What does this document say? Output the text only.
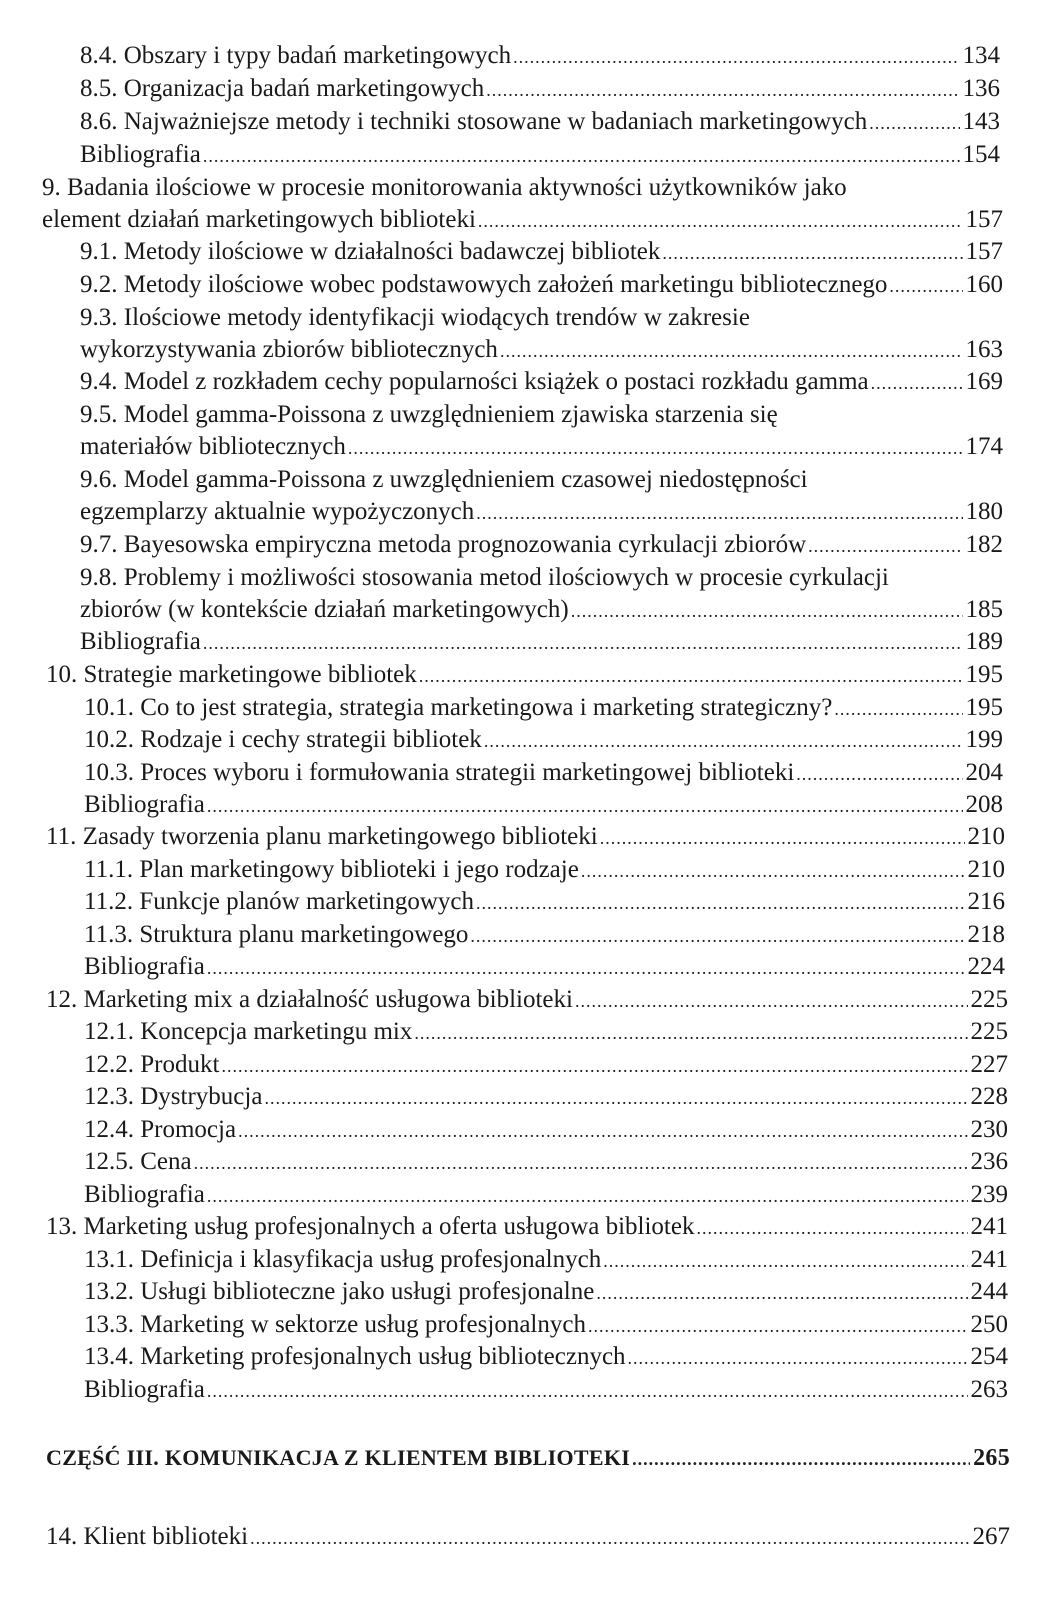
8.4. Obszary i typy badań marketingowych .....	134
8.5. Organizacja badań marketingowych .....	136
8.6. Najważniejsze metody i techniki stosowane w badaniach marketingowych .....	143
Bibliografia .....	154
9. Badania ilościowe w procesie monitorowania aktywności użytkowników jako
element działań marketingowych biblioteki .....	157
9.1. Metody ilościowe w działalności badawczej bibliotek .....	157
9.2. Metody ilościowe wobec podstawowych założeń marketingu bibliotecznego .....	160
9.3. Ilościowe metody identyfikacji wiodących trendów w zakresie
wykorzystywania zbiorów bibliotecznych .....	163
9.4. Model z rozkładem cechy popularności książek o postaci rozkładu gamma .....	169
9.5. Model gamma-Poissona z uwzględnieniem zjawiska starzenia się
materiałów bibliotecznych .....	174
9.6. Model gamma-Poissona z uwzględnieniem czasowej niedostępności
egzemplarzy aktualnie wypożyczonych .....	180
9.7. Bayesowska empiryczna metoda prognozowania cyrkulacji zbiorów .....	182
9.8. Problemy i możliwości stosowania metod ilościowych w procesie cyrkulacji
zbiorów (w kontekście działań marketingowych) .....	185
Bibliografia .....	189
10. Strategie marketingowe bibliotek .....	195
10.1. Co to jest strategia, strategia marketingowa i marketing strategiczny? .....	195
10.2. Rodzaje i cechy strategii bibliotek .....	199
10.3. Proces wyboru i formułowania strategii marketingowej biblioteki .....	204
Bibliografia .....	208
11. Zasady tworzenia planu marketingowego biblioteki .....	210
11.1. Plan marketingowy biblioteki i jego rodzaje .....	210
11.2. Funkcje planów marketingowych .....	216
11.3. Struktura planu marketingowego .....	218
Bibliografia .....	224
12. Marketing mix a działalność usługowa biblioteki .....	225
12.1. Koncepcja marketingu mix .....	225
12.2. Produkt .....	227
12.3. Dystrybucja .....	228
12.4. Promocja .....	230
12.5. Cena .....	236
Bibliografia .....	239
13. Marketing usług profesjonalnych a oferta usługowa bibliotek .....	241
13.1. Definicja i klasyfikacja usług profesjonalnych .....	241
13.2. Usługi biblioteczne jako usługi profesjonalne .....	244
13.3. Marketing w sektorze usług profesjonalnych .....	250
13.4. Marketing profesjonalnych usług bibliotecznych .....	254
Bibliografia .....	263
CZĘŚĆ III. KOMUNIKACJA Z KLIENTEM BIBLIOTEKI .....	265
14. Klient biblioteki .....	267
